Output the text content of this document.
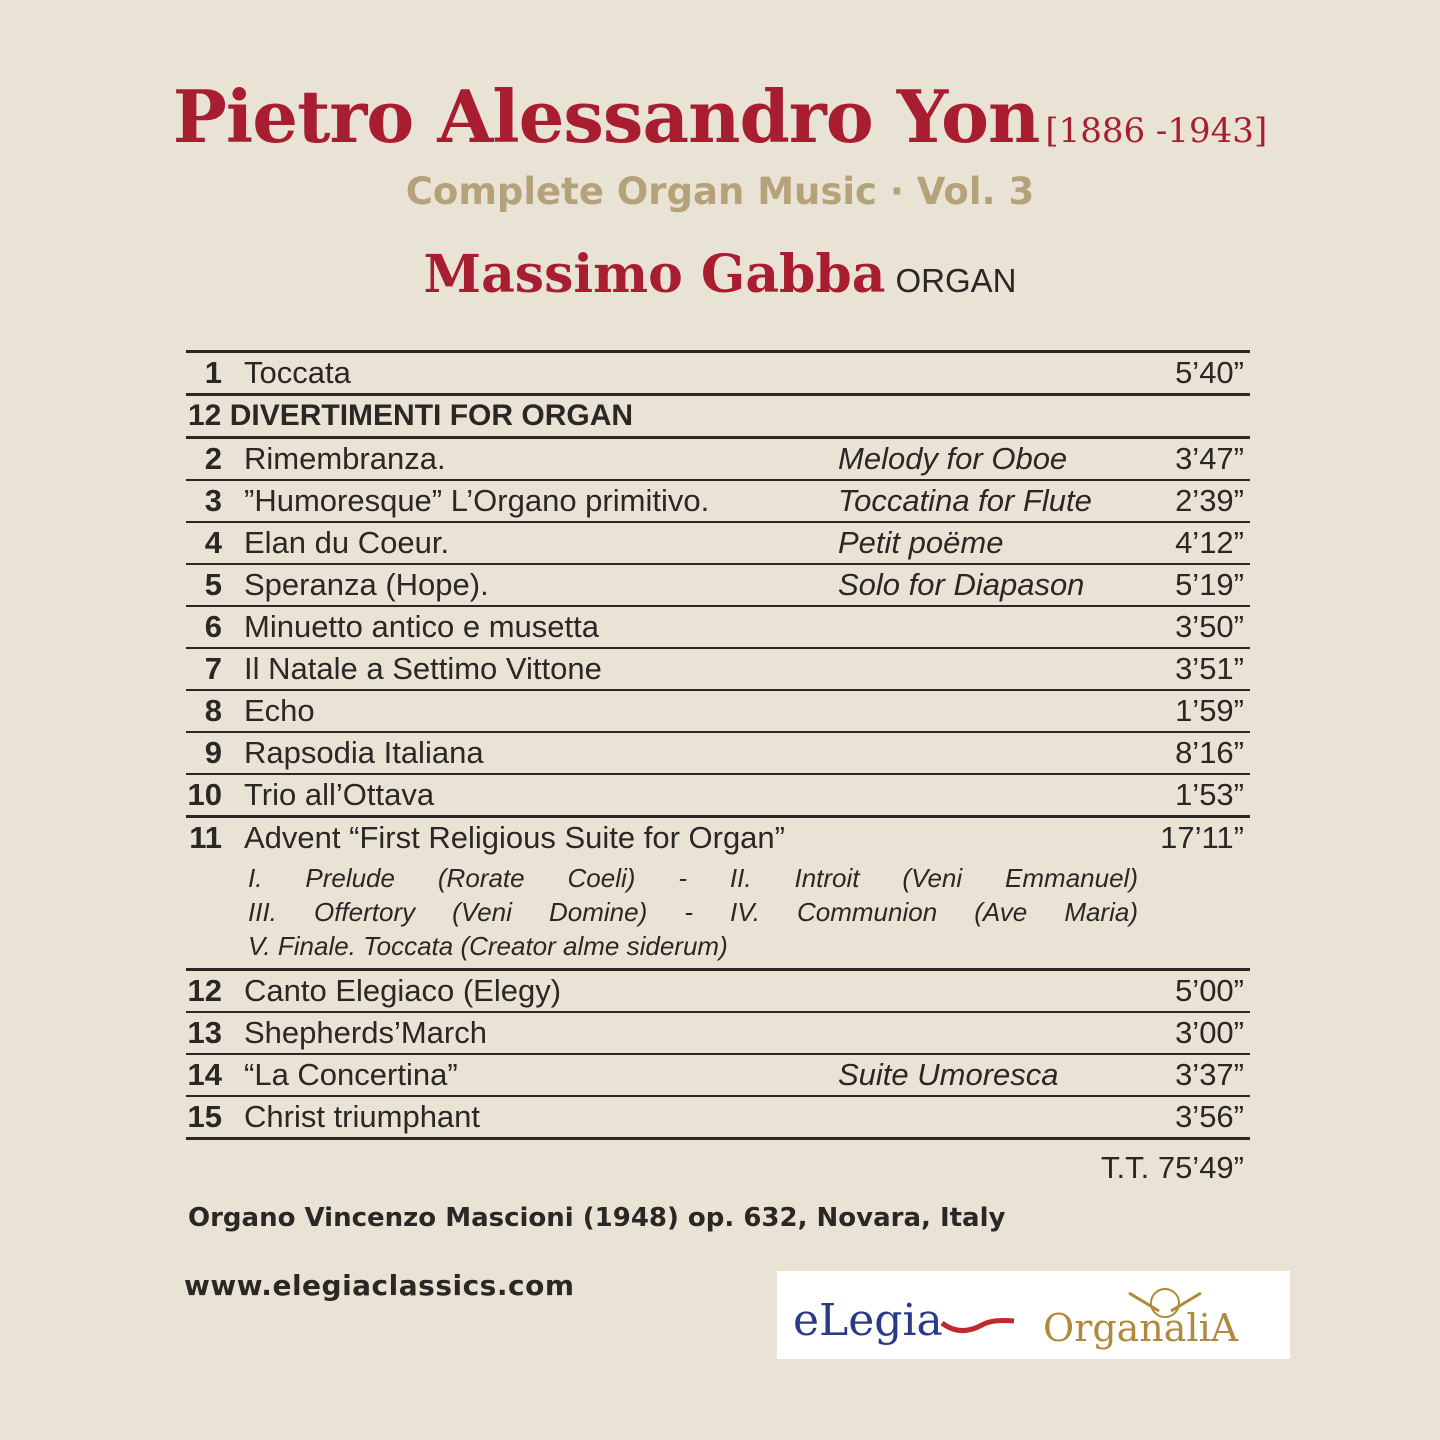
Pietro Alessandro Yon [1886 -1943]
Complete Organ Music · Vol. 3
Massimo Gabba ORGAN
1 Toccata	5’40”
12 DIVERTIMENTI FOR ORGAN
2 Rimembranza.	Melody for Oboe	3’47”
3 ”Humoresque” L’Organo primitivo.	Toccatina for Flute	2’39”
4 Elan du Coeur.	Petit poëme	4’12”
5 Speranza (Hope).	Solo for Diapason	5’19”
6 Minuetto antico e musetta	3’50”
7 Il Natale a Settimo Vittone	3’51”
8 Echo	1’59”
9 Rapsodia Italiana	8’16”
10 Trio all’Ottava	1’53”
11 Advent “First Religious Suite for Organ”	17’11”
I. Prelude (Rorate Coeli) - II. Introit (Veni Emmanuel)
III. Offertory (Veni Domine) - IV. Communion (Ave Maria)
V. Finale. Toccata (Creator alme siderum)
12 Canto Elegiaco (Elegy)	5’00”
13 Shepherds’March	3’00”
14 “La Concertina”	Suite Umoresca	3’37”
15 Christ triumphant	3’56”
T.T. 75’49”
Organo Vincenzo Mascioni (1948) op. 632, Novara, Italy
www.elegiaclassics.com
eLegia	OrganaliA
